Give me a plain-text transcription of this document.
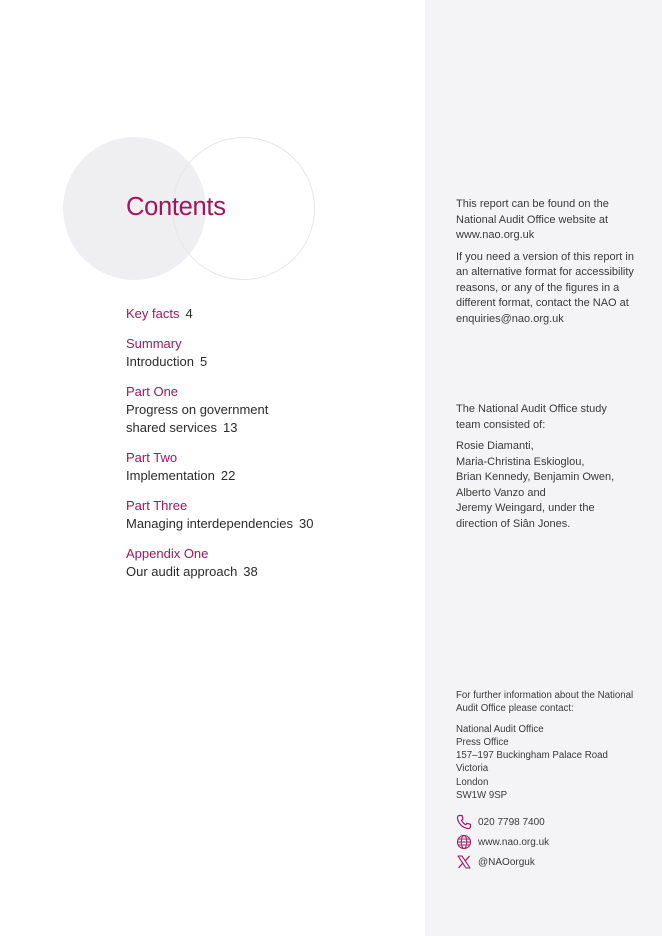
Contents
Key facts 4
Summary
Introduction 5
Part One
Progress on government
shared services 13
Part Two
Implementation 22
Part Three
Managing interdependencies 30
Appendix One
Our audit approach 38

This report can be found on the National Audit Office website at www.nao.org.uk

If you need a version of this report in an alternative format for accessibility reasons, or any of the figures in a different format, contact the NAO at enquiries@nao.org.uk

The National Audit Office study team consisted of:

Rosie Diamanti,
Maria-Christina Eskioglou,
Brian Kennedy, Benjamin Owen,
Alberto Vanzo and
Jeremy Weingard, under the
direction of Siân Jones.

For further information about the National Audit Office please contact:

National Audit Office
Press Office
157–197 Buckingham Palace Road
Victoria
London
SW1W 9SP
020 7798 7400
www.nao.org.uk
@NAOorguk
